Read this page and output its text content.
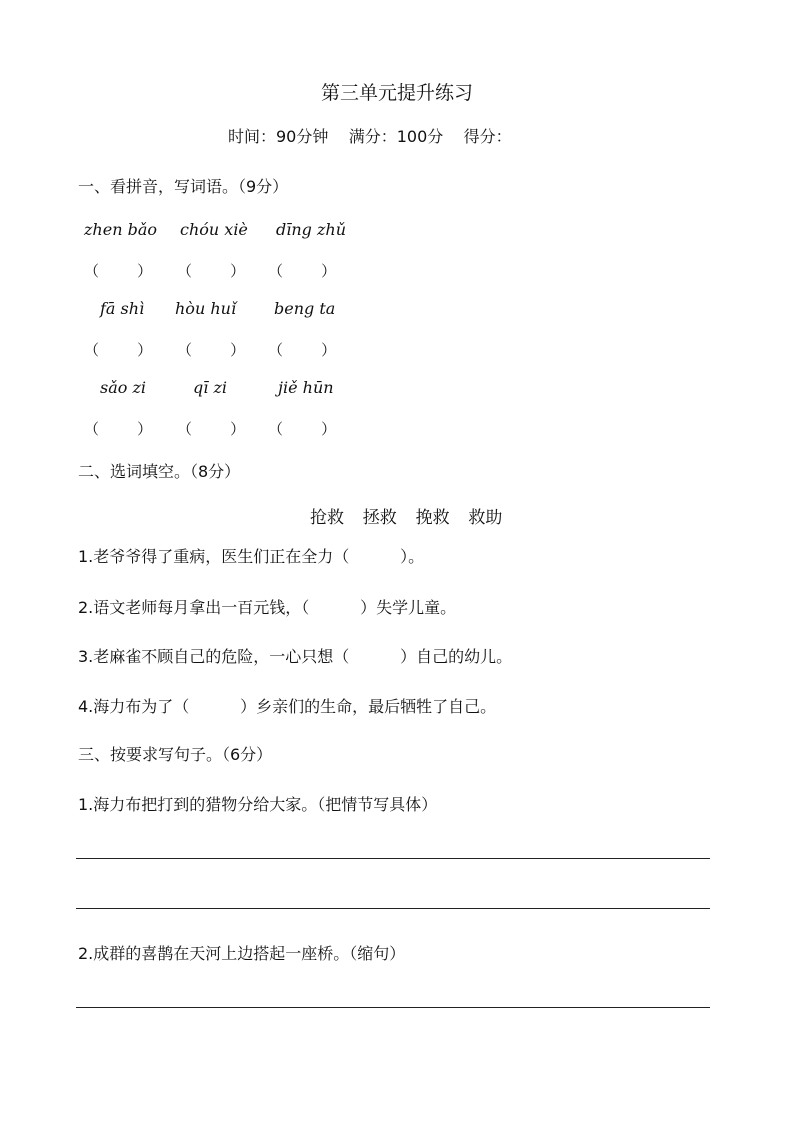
第三单元提升练习
时间：90分钟    满分：100分    得分：
一、看拼音，写词语。（9分）
zhen bǎo chóu xiè dīng zhǔ
（        ） （        ） （        ）
fā shì hòu huǐ beng ta
（        ） （        ） （        ）
sǎo zi	qī zi	jiě hūn
（        ） （        ） （        ）
二、选词填空。（8分）
抢救  拯救  挽救  救助
1.老爷爷得了重病，医生们正在全力（          ）。
2.语文老师每月拿出一百元钱，（          ）失学儿童。
3.老麻雀不顾自己的危险，一心只想（          ）自己的幼儿。
4.海力布为了（          ）乡亲们的生命，最后牺牲了自己。
三、按要求写句子。（6分）
1.海力布把打到的猎物分给大家。（把情节写具体）
2.成群的喜鹊在天河上边搭起一座桥。（缩句）
